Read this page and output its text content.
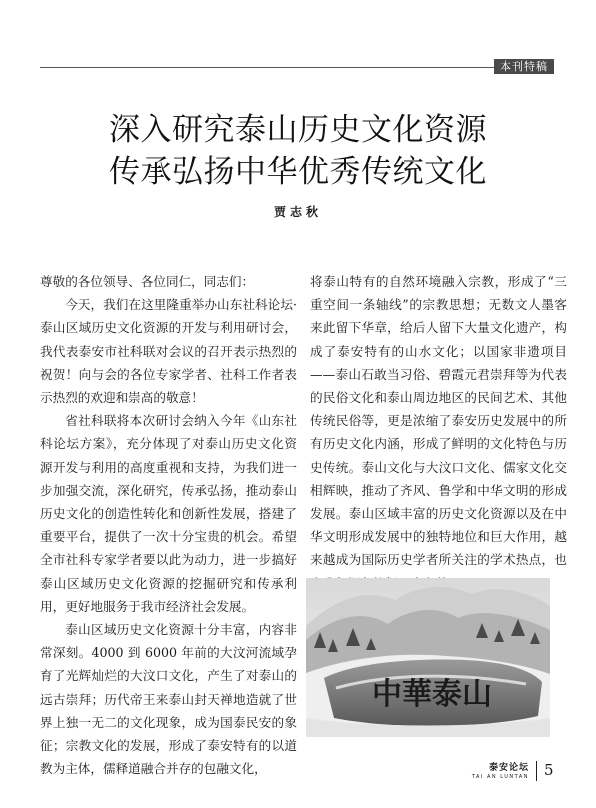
本刊特稿
深入研究泰山历史文化资源
传承弘扬中华优秀传统文化
贾志秋

尊敬的各位领导、各位同仁，同志们：

今天，我们在这里隆重举办山东社科论坛·泰山区域历史文化资源的开发与利用研讨会，我代表泰安市社科联对会议的召开表示热烈的祝贺！向与会的各位专家学者、社科工作者表示热烈的欢迎和崇高的敬意！

省社科联将本次研讨会纳入今年《山东社科论坛方案》，充分体现了对泰山历史文化资源开发与利用的高度重视和支持，为我们进一步加强交流，深化研究，传承弘扬，推动泰山历史文化的创造性转化和创新性发展，搭建了重要平台，提供了一次十分宝贵的机会。希望全市社科专家学者要以此为动力，进一步搞好泰山区域历史文化资源的挖掘研究和传承利用，更好地服务于我市经济社会发展。

泰山区域历史文化资源十分丰富，内容非常深刻。4000 到 6000 年前的大汶河流域孕育了光辉灿烂的大汶口文化，产生了对泰山的远古崇拜；历代帝王来泰山封天禅地造就了世界上独一无二的文化现象，成为国泰民安的象征；宗教文化的发展，形成了泰安特有的以道教为主体，儒释道融合并存的包融文化，

将泰山特有的自然环境融入宗教，形成了“三重空间一条轴线”的宗教思想；无数文人墨客来此留下华章，给后人留下大量文化遗产，构成了泰安特有的山水文化；以国家非遗项目——泰山石敢当习俗、碧霞元君崇拜等为代表的民俗文化和泰山周边地区的民间艺术、其他传统民俗等，更是浓缩了泰安历史发展中的所有历史文化内涵，形成了鲜明的文化特色与历史传统。泰山文化与大汶口文化、儒家文化交相辉映，推动了齐风、鲁学和中华文明的形成发展。泰山区域丰富的历史文化资源以及在中华文明形成发展中的独特地位和巨大作用，越来越成为国际历史学者所关注的学术热点，也

中華泰山
泰安论坛
TAI AN LUNTAN 5
